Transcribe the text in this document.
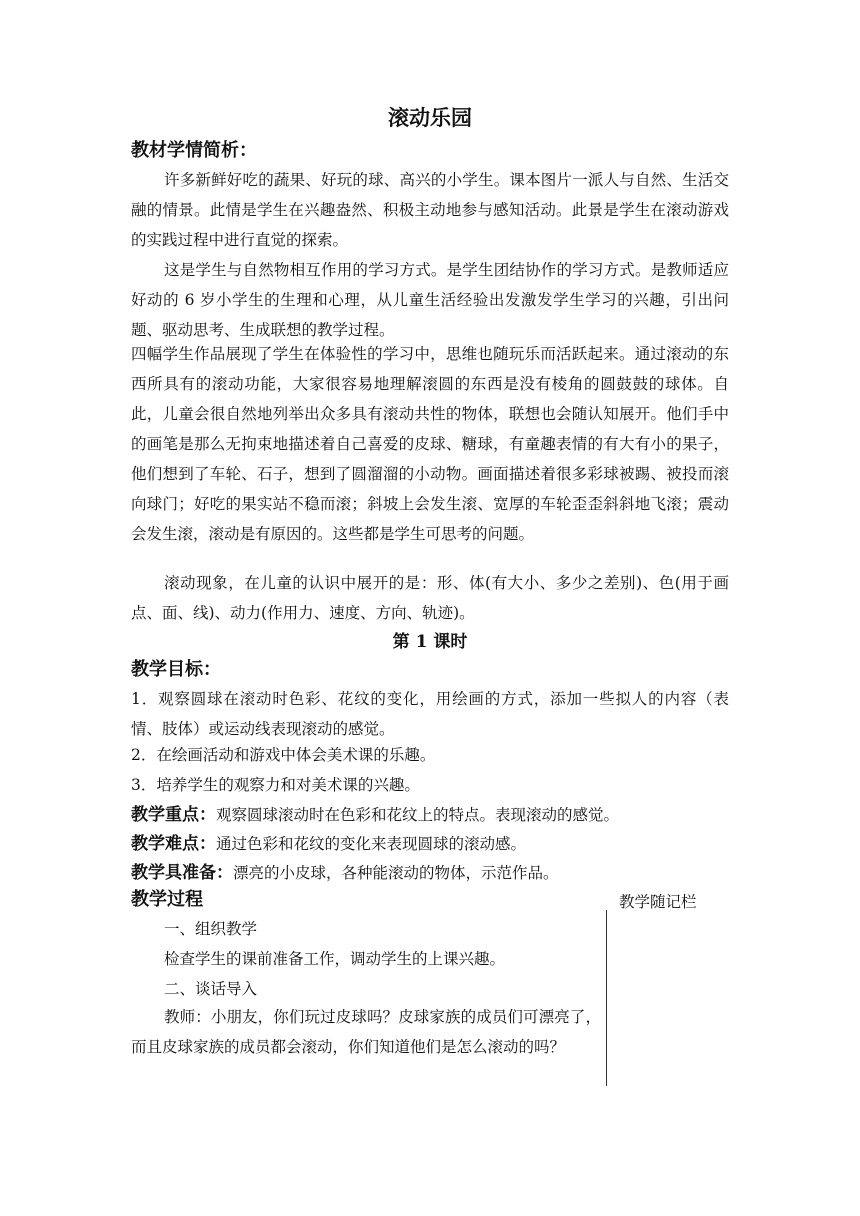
滚动乐园
教材学情简析：

许多新鲜好吃的蔬果、好玩的球、高兴的小学生。课本图片一派人与自然、生活交融的情景。此情是学生在兴趣盎然、积极主动地参与感知活动。此景是学生在滚动游戏的实践过程中进行直觉的探索。

这是学生与自然物相互作用的学习方式。是学生团结协作的学习方式。是教师适应好动的 6 岁小学生的生理和心理，从儿童生活经验出发激发学生学习的兴趣，引出问题、驱动思考、生成联想的教学过程。

四幅学生作品展现了学生在体验性的学习中，思维也随玩乐而活跃起来。通过滚动的东西所具有的滚动功能，大家很容易地理解滚圆的东西是没有棱角的圆鼓鼓的球体。自此，儿童会很自然地列举出众多具有滚动共性的物体，联想也会随认知展开。他们手中的画笔是那么无拘束地描述着自己喜爱的皮球、糖球，有童趣表情的有大有小的果子，他们想到了车轮、石子，想到了圆溜溜的小动物。画面描述着很多彩球被踢、被投而滚向球门；好吃的果实站不稳而滚；斜坡上会发生滚、宽厚的车轮歪歪斜斜地飞滚；震动会发生滚，滚动是有原因的。这些都是学生可思考的问题。

滚动现象，在儿童的认识中展开的是：形、体(有大小、多少之差别)、色(用于画点、面、线)、动力(作用力、速度、方向、轨迹)。

第 1 课时
教学目标：

1．观察圆球在滚动时色彩、花纹的变化，用绘画的方式，添加一些拟人的内容（表情、肢体）或运动线表现滚动的感觉。

2．在绘画活动和游戏中体会美术课的乐趣。

3．培养学生的观察力和对美术课的兴趣。

教学重点：观察圆球滚动时在色彩和花纹上的特点。表现滚动的感觉。
教学难点：通过色彩和花纹的变化来表现圆球的滚动感。
教学具准备：漂亮的小皮球，各种能滚动的物体，示范作品。
教学过程	教学随记栏

一、组织教学

检查学生的课前准备工作，调动学生的上课兴趣。

二、谈话导入

教师：小朋友，你们玩过皮球吗？皮球家族的成员们可漂亮了，而且皮球家族的成员都会滚动，你们知道他们是怎么滚动的吗？
